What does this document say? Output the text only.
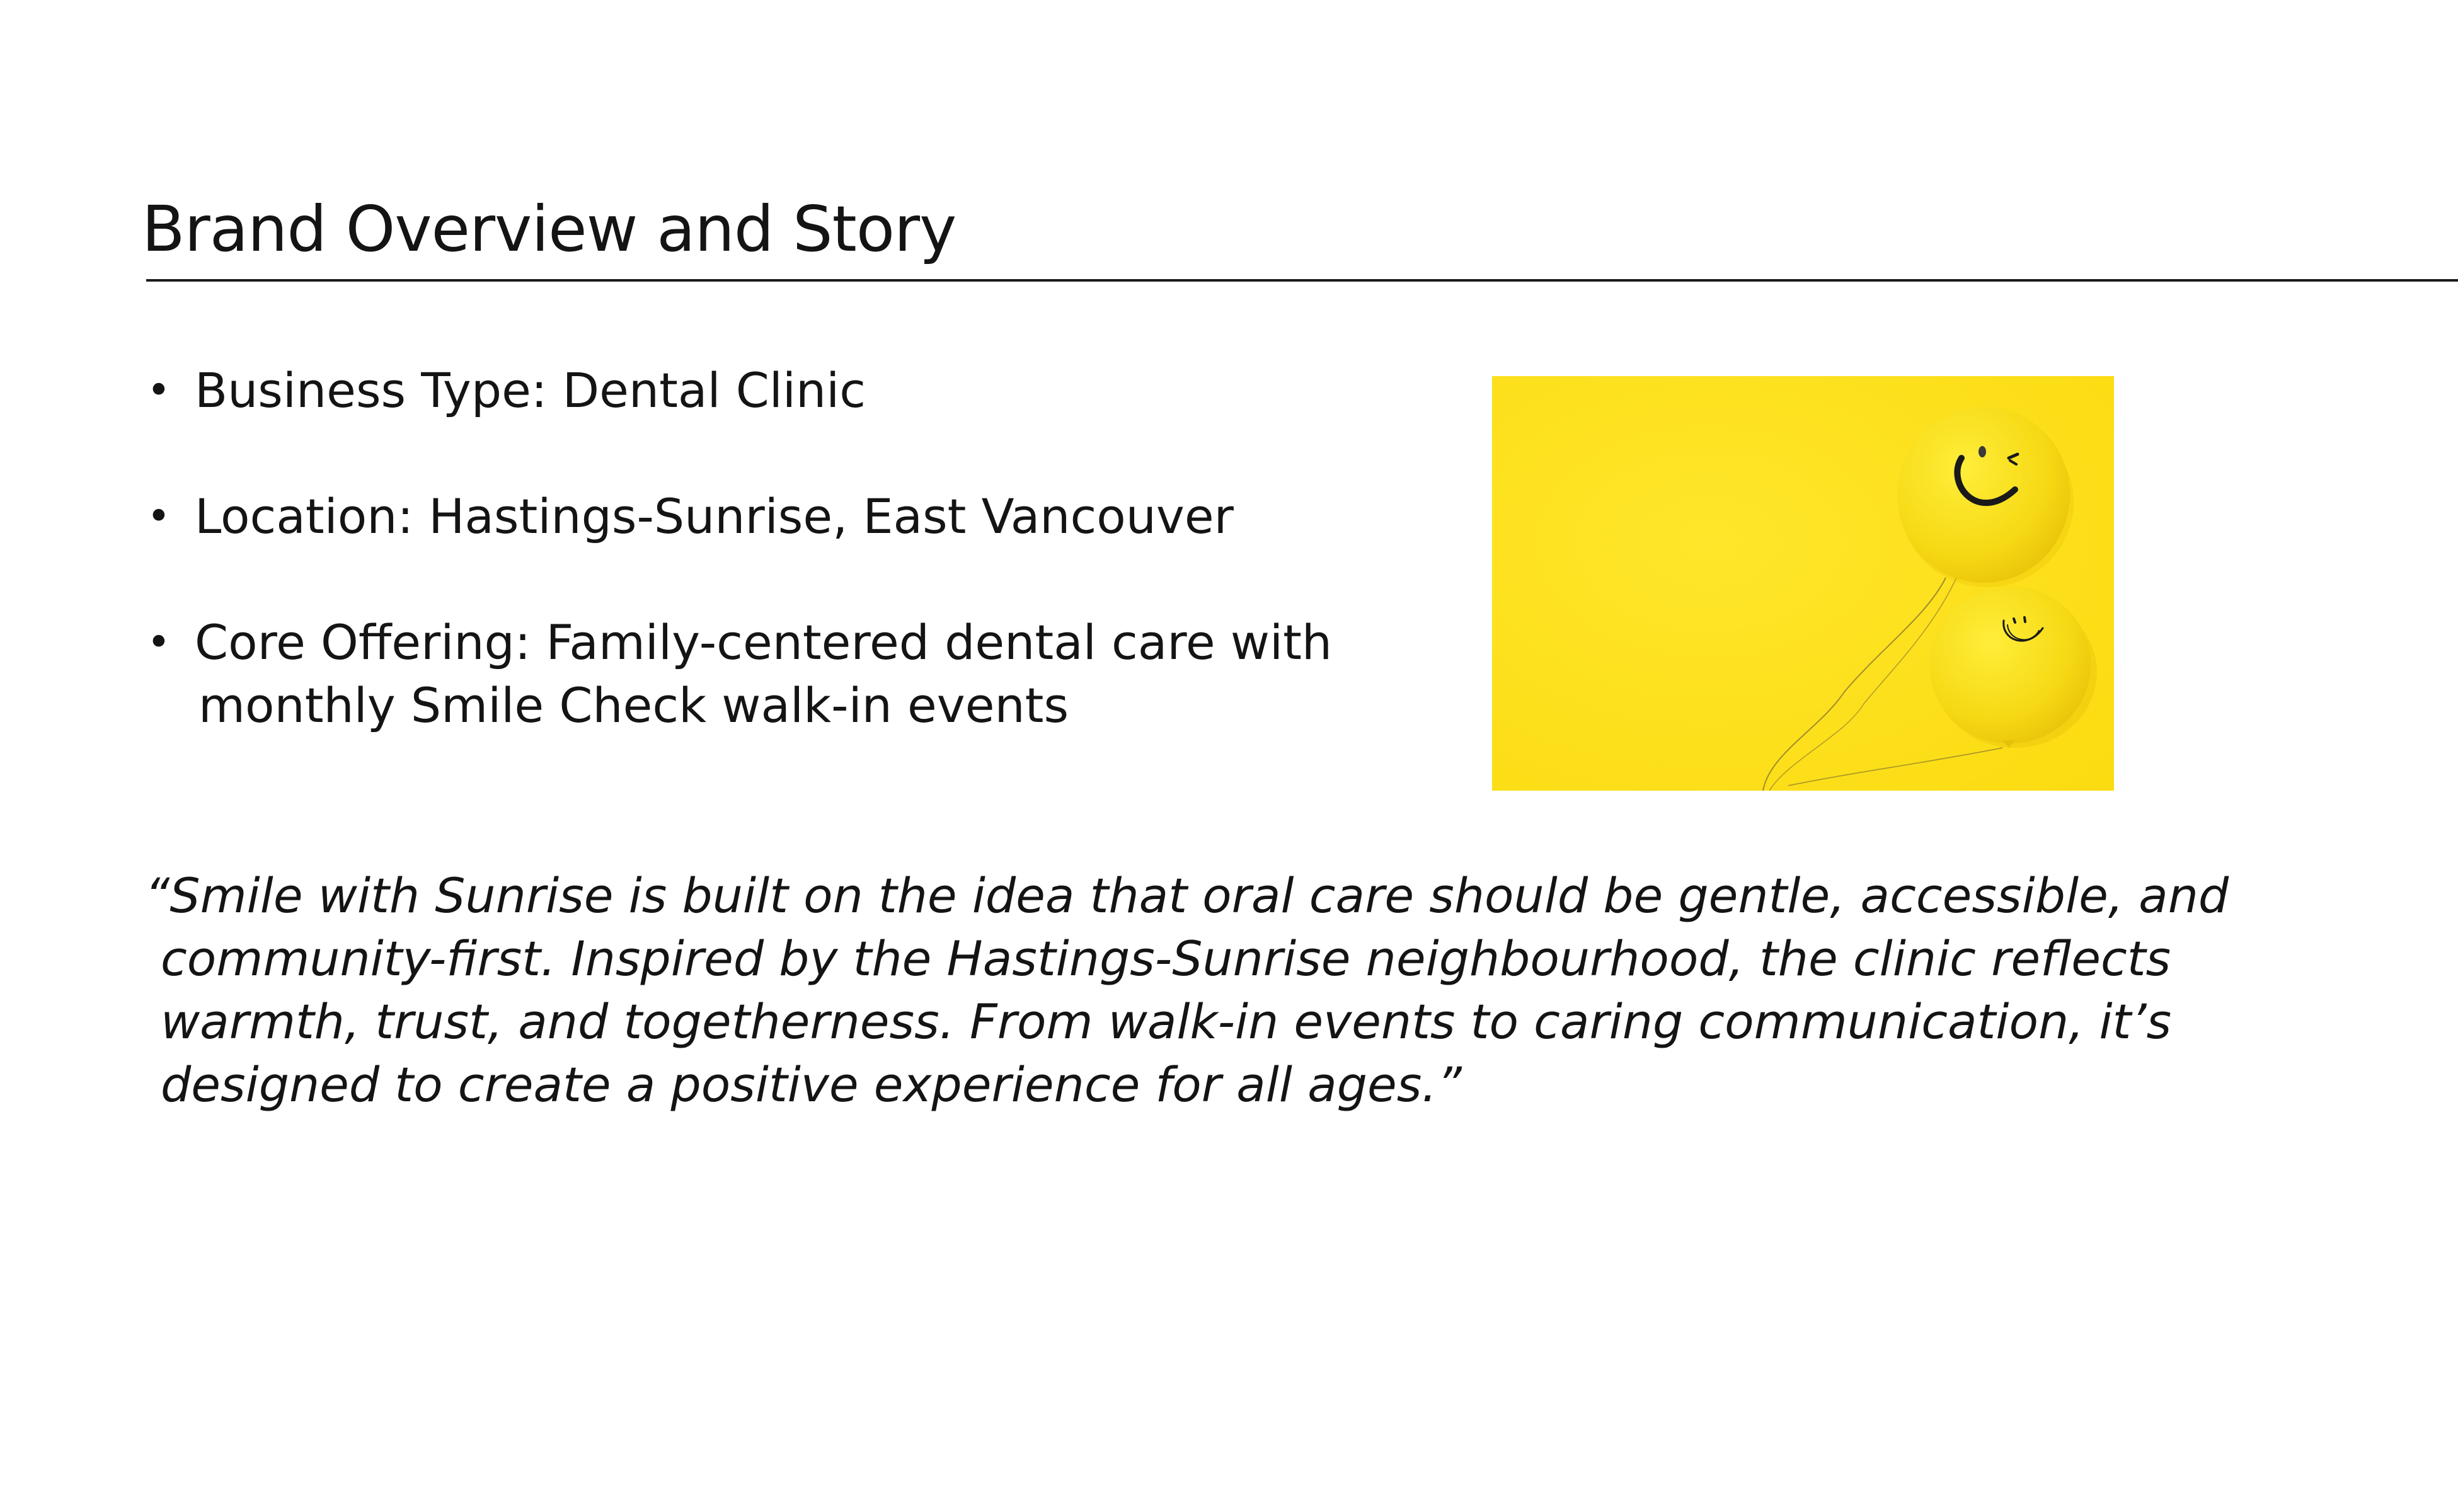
Brand Overview and Story
• Business Type: Dental Clinic
• Location: Hastings-Sunrise, East Vancouver
• Core Offering: Family-centered dental care with
monthly Smile Check walk-in events

“Smile with Sunrise is built on the idea that oral care should be gentle, accessible, and
community-first. Inspired by the Hastings-Sunrise neighbourhood, the clinic reflects
warmth, trust, and togetherness. From walk-in events to caring communication, it’s
designed to create a positive experience for all ages.”
